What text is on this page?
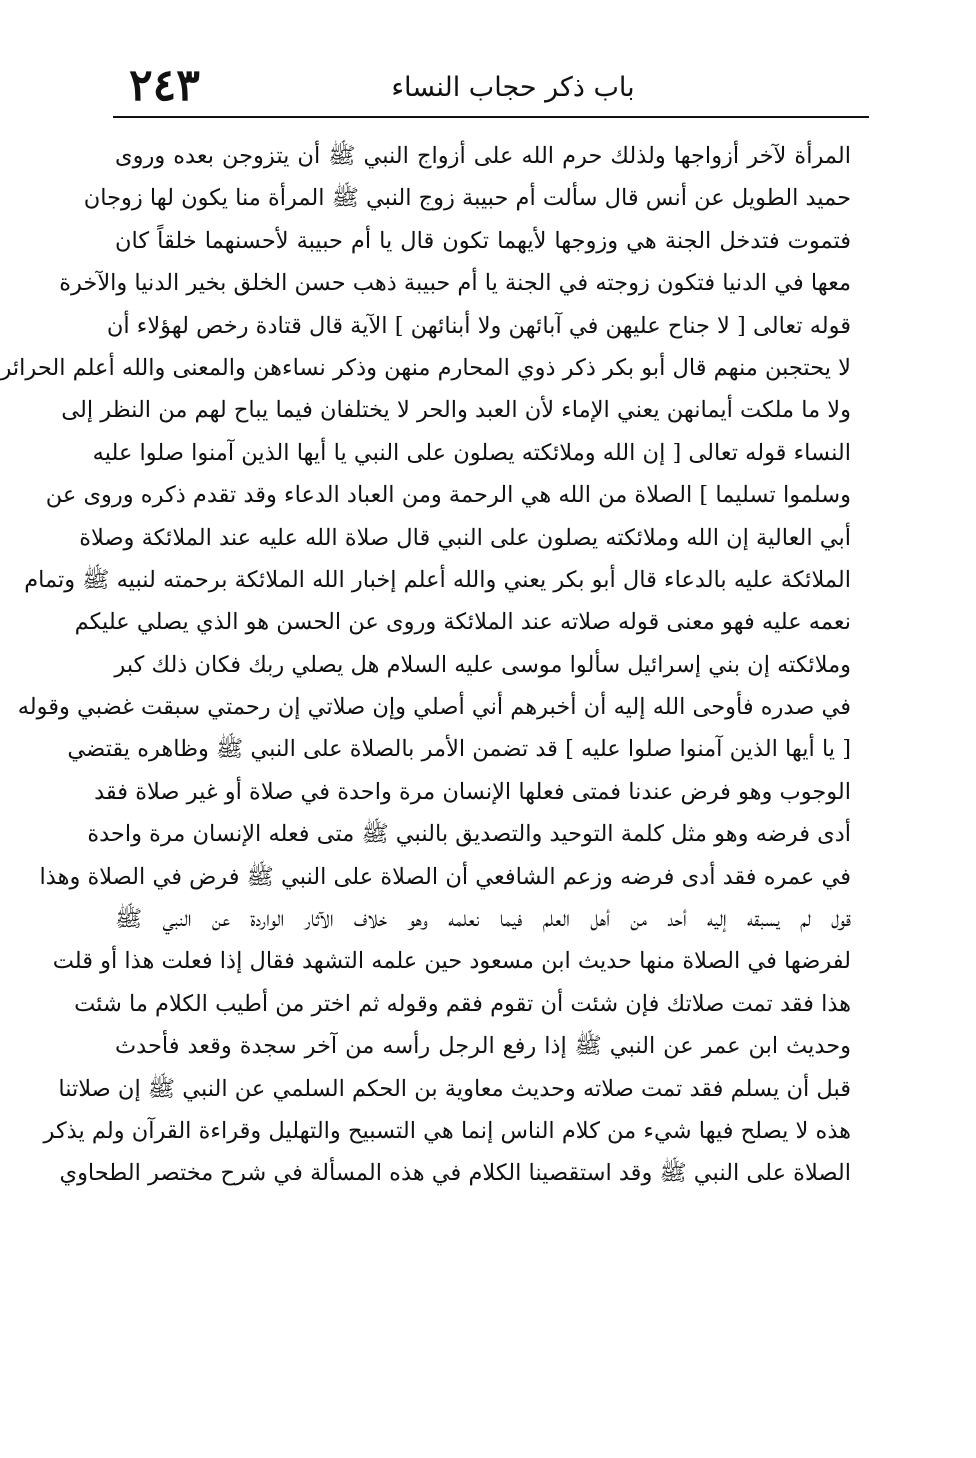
٢٤٣	باب ذكر حجاب النساء
المرأة لآخر أزواجها ولذلك حرم الله على أزواج النبي ﷺ أن يتزوجن بعده وروى
حميد الطويل عن أنس قال سألت أم حبيبة زوج النبي ﷺ المرأة منا يكون لها زوجان
فتموت فتدخل الجنة هي وزوجها لأيهما تكون قال يا أم حبيبة لأحسنهما خلقاً كان
معها في الدنيا فتكون زوجته في الجنة يا أم حبيبة ذهب حسن الخلق بخير الدنيا والآخرة
قوله تعالى [ لا جناح عليهن في آبائهن ولا أبنائهن ] الآية قال قتادة رخص لهؤلاء أن
لا يحتجبن منهم قال أبو بكر ذكر ذوي المحارم منهن وذكر نساءهن والمعنى والله أعلم الحرائر
ولا ما ملكت أيمانهن يعني الإماء لأن العبد والحر لا يختلفان فيما يباح لهم من النظر إلى
النساء قوله تعالى [ إن الله وملائكته يصلون على النبي يا أيها الذين آمنوا صلوا عليه
وسلموا تسليما ] الصلاة من الله هي الرحمة ومن العباد الدعاء وقد تقدم ذكره وروى عن
أبي العالية إن الله وملائكته يصلون على النبي قال صلاة الله عليه عند الملائكة وصلاة
الملائكة عليه بالدعاء قال أبو بكر يعني والله أعلم إخبار الله الملائكة برحمته لنبيه ﷺ وتمام
نعمه عليه فهو معنى قوله صلاته عند الملائكة وروى عن الحسن هو الذي يصلي عليكم
وملائكته إن بني إسرائيل سألوا موسى عليه السلام هل يصلي ربك فكان ذلك كبر
في صدره فأوحى الله إليه أن أخبرهم أني أصلي وإن صلاتي إن رحمتي سبقت غضبي وقوله
[ يا أيها الذين آمنوا صلوا عليه ] قد تضمن الأمر بالصلاة على النبي ﷺ وظاهره يقتضي
الوجوب وهو فرض عندنا فمتى فعلها الإنسان مرة واحدة في صلاة أو غير صلاة فقد
أدى فرضه وهو مثل كلمة التوحيد والتصديق بالنبي ﷺ متى فعله الإنسان مرة واحدة
في عمره فقد أدى فرضه وزعم الشافعي أن الصلاة على النبي ﷺ فرض في الصلاة وهذا
قول لم يسبقه إليه أحد من أهل العلم فيما نعلمه وهو خلاف الآثار الواردة عن النبي ﷺ
لفرضها في الصلاة منها حديث ابن مسعود حين علمه التشهد فقال إذا فعلت هذا أو قلت
هذا فقد تمت صلاتك فإن شئت أن تقوم فقم وقوله ثم اختر من أطيب الكلام ما شئت
وحديث ابن عمر عن النبي ﷺ إذا رفع الرجل رأسه من آخر سجدة وقعد فأحدث
قبل أن يسلم فقد تمت صلاته وحديث معاوية بن الحكم السلمي عن النبي ﷺ إن صلاتنا
هذه لا يصلح فيها شيء من كلام الناس إنما هي التسبيح والتهليل وقراءة القرآن ولم يذكر
الصلاة على النبي ﷺ وقد استقصينا الكلام في هذه المسألة في شرح مختصر الطحاوي
